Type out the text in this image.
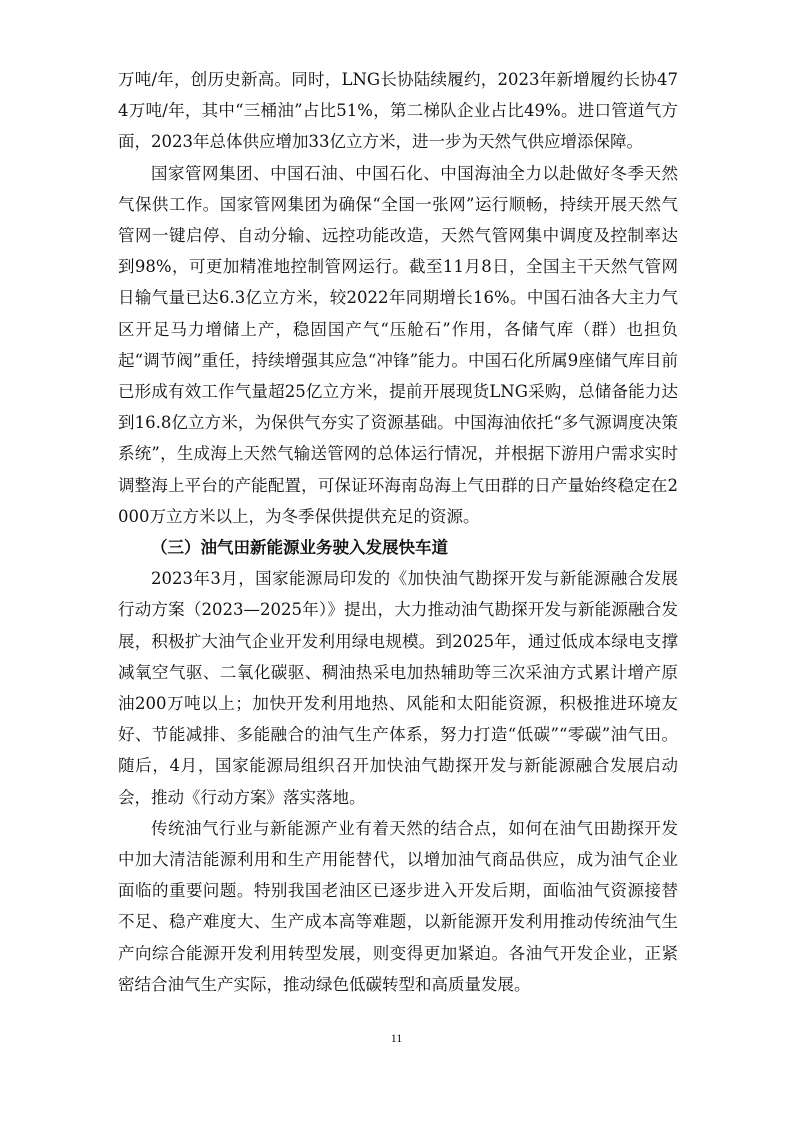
万吨/年，创历史新高。同时，LNG长协陆续履约，2023年新增履约长协474万吨/年，其中“三桶油”占比51%，第二梯队企业占比49%。进口管道气方面，2023年总体供应增加33亿立方米，进一步为天然气供应增添保障。

国家管网集团、中国石油、中国石化、中国海油全力以赴做好冬季天然气保供工作。国家管网集团为确保“全国一张网”运行顺畅，持续开展天然气管网一键启停、自动分输、远控功能改造，天然气管网集中调度及控制率达到98%，可更加精准地控制管网运行。截至11月8日，全国主干天然气管网日输气量已达6.3亿立方米，较2022年同期增长16%。中国石油各大主力气区开足马力增储上产，稳固国产气“压舱石”作用，各储气库（群）也担负起“调节阀”重任，持续增强其应急“冲锋”能力。中国石化所属9座储气库目前已形成有效工作气量超25亿立方米，提前开展现货LNG采购，总储备能力达到16.8亿立方米，为保供气夯实了资源基础。中国海油依托“多气源调度决策系统”，生成海上天然气输送管网的总体运行情况，并根据下游用户需求实时调整海上平台的产能配置，可保证环海南岛海上气田群的日产量始终稳定在2000万立方米以上，为冬季保供提供充足的资源。

（三）油气田新能源业务驶入发展快车道

2023年3月，国家能源局印发的《加快油气勘探开发与新能源融合发展行动方案（2023—2025年）》提出，大力推动油气勘探开发与新能源融合发展，积极扩大油气企业开发利用绿电规模。到2025年，通过低成本绿电支撑减氧空气驱、二氧化碳驱、稠油热采电加热辅助等三次采油方式累计增产原油200万吨以上；加快开发利用地热、风能和太阳能资源，积极推进环境友好、节能减排、多能融合的油气生产体系，努力打造“低碳”“零碳”油气田。随后，4月，国家能源局组织召开加快油气勘探开发与新能源融合发展启动会，推动《行动方案》落实落地。

传统油气行业与新能源产业有着天然的结合点，如何在油气田勘探开发中加大清洁能源利用和生产用能替代，以增加油气商品供应，成为油气企业面临的重要问题。特别我国老油区已逐步进入开发后期，面临油气资源接替不足、稳产难度大、生产成本高等难题，以新能源开发利用推动传统油气生产向综合能源开发利用转型发展，则变得更加紧迫。各油气开发企业，正紧密结合油气生产实际，推动绿色低碳转型和高质量发展。

11
